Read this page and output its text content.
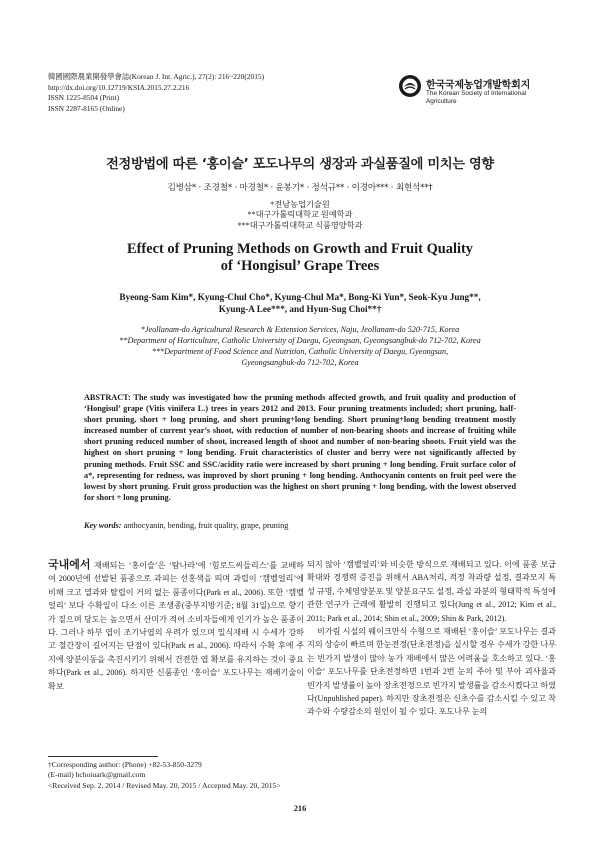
韓國國際農業開發學會誌(Korean J. Int. Agric.), 27(2): 216~220(2015)
http://dx.doi.org/10.12719/KSIA.2015.27.2.216
ISSN 1225-8504 (Print)
ISSN 2287-8165 (Online)
한국국제농업개발학회지
The Korean Society of International Agriculture
전정방법에 따른 ‘홍이슬’ 포도나무의 생장과 과실품질에 미치는 영향
김병삼* · 조경철* · 마경철* · 윤봉기* · 정석규** · 이경아*** · 최현석**†
*전남농업기술원
**대구가톨릭대학교 원예학과
***대구가톨릭대학교 식품영양학과
Effect of Pruning Methods on Growth and Fruit Quality
of ‘Hongisul’ Grape Trees
Byeong-Sam Kim*, Kyung-Chul Cho*, Kyung-Chul Ma*, Bong-Ki Yun*, Seok-Kyu Jung**,
Kyung-A Lee***, and Hyun-Sug Choi**†
*Jeollanam-do Agricultural Research & Extension Services, Naju, Jeollanam-do 520-715, Korea
**Department of Horticulture, Catholic University of Daegu, Gyeongsan, Gyeongsangbuk-do 712-702, Korea
***Department of Food Science and Nutrition, Catholic University of Daegu, Gyeongsan,
Gyeongsangbuk-do 712-702, Korea
ABSTRACT: The study was investigated how the pruning methods affected growth, and fruit quality and production of ‘Hongisul’ grape (Vitis vinifera L.) trees in years 2012 and 2013. Four pruning treatments included; short pruning, half-short pruning, short + long pruning, and short pruning+long bending. Short pruning+long bending treatment mostly increased number of current year’s shoot, with reduction of number of non-bearing shoots and increase of fruiting while short pruning reduced number of shoot, increased length of shoot and number of non-bearing shoots. Fruit yield was the highest on short pruning + long bending. Fruit characteristics of cluster and berry were not significantly affected by pruning methods. Fruit SSC and SSC/acidity ratio were increased by short pruning + long bending. Fruit surface color of a*, representing for redness, was improved by short pruning + long bending. Anthocyanin contents on fruit peel were the lowest by short pruning. Fruit gross production was the highest on short pruning + long bending, with the lowest observed for short + long pruning.
Key words: anthocyanin, bending, fruit quality, grape, pruning
국내에서 재배되는 ‘홍이슬’은 ‘탐나라’에 ‘힘로드씨들리스’를 교배하여 2000년에 선발된 품종으로 과피는 선홍색을 띄며 과립이 ‘캠벨얼리’에 비해 크고 열과와 탈립이 거의 없는 품종이다(Park et al., 2006). 또한 ‘캠벨얼리’ 보다 수확일이 다소 이른 조생종(중부지방기준; 8월 31일)으로 향기가 짙으며 당도는 높으면서 산미가 적어 소비자들에게 인기가 높은 품종이다. 그러나 하부 엽이 조기낙엽의 우려가 있으며 밀식재배 시 수세가 강하고 절간장이 길어지는 단점이 있다(Park et al., 2006). 따라서 수확 후에 주지에 양분이동을 촉진시키기 위해서 건전한 엽 확보를 유지하는 것이 중요하다(Park et al., 2006). 하지만 신품종인 ‘홍이슬’ 포도나무는 재배기술이 확보
되지 않아 ‘캠벨얼리’와 비슷한 방식으로 재배되고 있다. 이에 품종 보급 확대와 경쟁력 증진을 위해서 ABA처리, 적정 착과량 설정, 결과모지 특성 규명, 수체영양분포 및 양분요구도 설정, 과실 과분의 형태학적 특성에 관한 연구가 근래에 활발히 진행되고 있다(Jung et al., 2012; Kim et al., 2011; Park et al., 2014; Shin et al., 2009; Shin & Park, 2012).
비가림 시설의 웨이크만식 수형으로 재배된 ‘홍이슬’ 포도나무는 결과지의 상승이 빠르며 한눈전정(단초전정)을 실시할 경우 수세가 강한 나무는 빈가지 발생이 많아 농가 재배에서 많은 어려움을 호소하고 있다. ‘홍이슬’ 포도나무를 단초전정하면 1번과 2번 눈의 주아 및 부아 괴사율과 빈가지 발생률이 높아 장초전정으로 빈가지 발생률을 감소시켰다고 하였다(Unpublished paper). 하지만 장초전정은 신초수를 감소시킬 수 있고 착과수와 수량감소의 원인이 될 수 있다. 포도나무 눈의
†Corresponding author: (Phone) +82-53-850-3279
(E-mail) hchoiuark@gmail.com
<Received Sep. 2, 2014 / Revised May. 20, 2015 / Accepted May. 20, 2015>
216
